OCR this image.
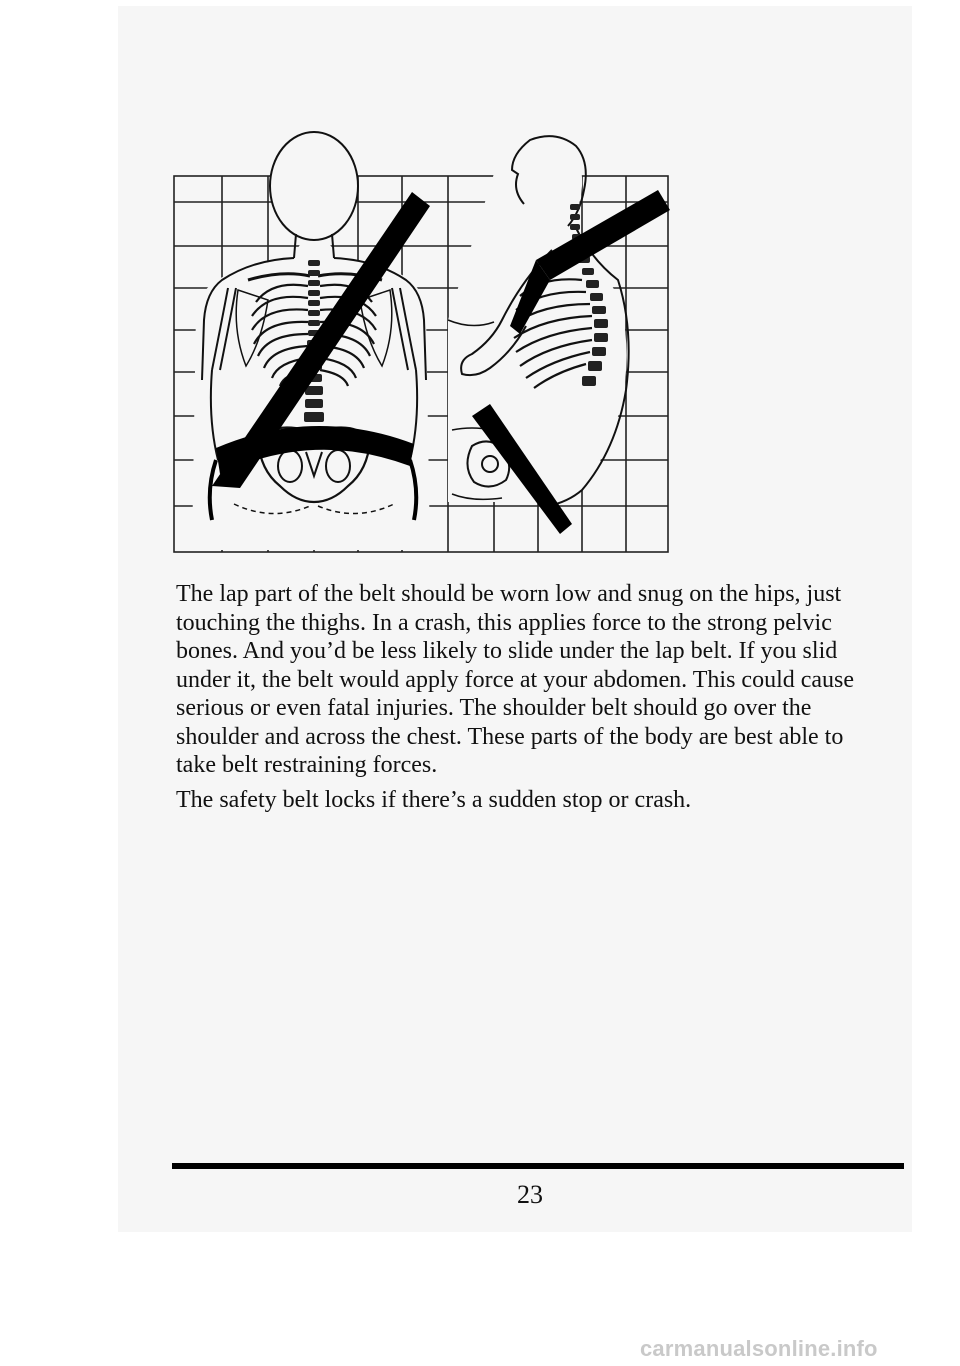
The lap part of the belt should be worn low and snug on the hips, just touching the thighs. In a crash, this applies force to the strong pelvic bones. And you’d be less likely to slide under the lap belt. If you slid under it, the belt would apply force at your abdomen. This could cause serious or even fatal injuries. The shoulder belt should go over the shoulder and across the chest. These parts of the body are best able to take belt restraining forces.

The safety belt locks if there’s a sudden stop or crash.

23
carmanualsonline.info
